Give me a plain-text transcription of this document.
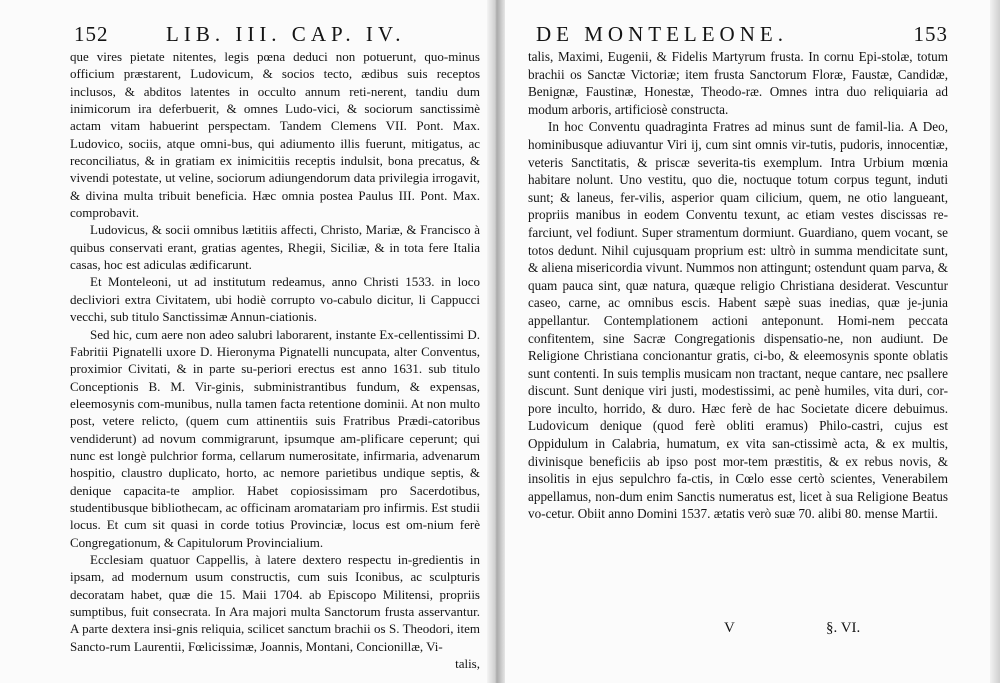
152	LIB. III. CAP. IV.

que vires pietate nitentes, legis pœna deduci non potuerunt, quo-minus officium præstarent, Ludovicum, & socios tecto, ædibus suis receptos inclusos, & abditos latentes in occulto annum reti-nerent, tandiu dum inimicorum ira deferbuerit, & omnes Ludo-vici, & sociorum sanctissimè actam vitam habuerint perspectam. Tandem Clemens VII. Pont. Max. Ludovico, sociis, atque omni-bus, qui adiumento illis fuerunt, mitigatus, ac reconciliatus, & in gratiam ex inimicitiis receptis indulsit, bona precatus, & vivendi potestate, ut veline, sociorum adiungendorum data privilegia irrogavit, & divina multa tribuit beneficia. Hæc omnia postea Paulus III. Pont. Max. comprobavit.

Ludovicus, & socii omnibus lætitiis affecti, Christo, Mariæ, & Francisco à quibus conservati erant, gratias agentes, Rhegii, Siciliæ, & in tota fere Italia casas, hoc est adiculas ædificarunt.

Et Monteleoni, ut ad institutum redeamus, anno Christi 1533. in loco decliviori extra Civitatem, ubi hodiè corrupto vo-cabulo dicitur, li Cappucci vecchi, sub titulo Sanctissimæ Annun-ciationis.

Sed hic, cum aere non adeo salubri laborarent, instante Ex-cellentissimi D. Fabritii Pignatelli uxore D. Hieronyma Pignatelli nuncupata, alter Conventus, proximior Civitati, & in parte su-periori erectus est anno 1631. sub titulo Conceptionis B. M. Vir-ginis, subministrantibus fundum, & expensas, eleemosynis com-munibus, nulla tamen facta retentione dominii. At non multo post, vetere relicto, (quem cum attinentiis suis Fratribus Prædi-catoribus vendiderunt) ad novum commigrarunt, ipsumque am-plificare ceperunt; qui nunc est longè pulchrior forma, cellarum numerositate, infirmaria, advenarum hospitio, claustro duplicato, horto, ac nemore parietibus undique septis, & denique capacita-te amplior. Habet copiosissimam pro Sacerdotibus, studentibusque bibliothecam, ac officinam aromatariam pro infirmis. Est studii locus. Et cum sit quasi in corde totius Provinciæ, locus est om-nium ferè Congregationum, & Capitulorum Provincialium.

Ecclesiam quatuor Cappellis, à latere dextero respectu in-gredientis in ipsam, ad modernum usum constructis, cum suis Iconibus, ac sculpturis decoratam habet, quæ die 15. Maii 1704. ab Episcopo Militensi, propriis sumptibus, fuit consecrata. In Ara majori multa Sanctorum frusta asservantur. A parte dextera insi-gnis reliquia, scilicet sanctum brachii os S. Theodori, item Sancto-rum Laurentii, Fœlicissimæ, Joannis, Montani, Concionillæ, Vi-

talis,

DE MONTELEONE.	153

talis, Maximi, Eugenii, & Fidelis Martyrum frusta. In cornu Epi-stolæ, totum brachii os Sanctæ Victoriæ; item frusta Sanctorum Floræ, Faustæ, Candidæ, Benignæ, Faustinæ, Honestæ, Theodo-ræ. Omnes intra duo reliquiaria ad modum arboris, artificiosè constructa.

In hoc Conventu quadraginta Fratres ad minus sunt de famil-lia. A Deo, hominibusque adiuvantur Viri ij, cum sint omnis vir-tutis, pudoris, innocentiæ, veteris Sanctitatis, & priscæ severita-tis exemplum. Intra Urbium mœnia habitare nolunt. Uno vestitu, quo die, noctuque totum corpus tegunt, induti sunt; & laneus, fer-vilis, asperior quam cilicium, quem, ne otio langueant, propriis manibus in eodem Conventu texunt, ac etiam vestes discissas re-farciunt, vel fodiunt. Super stramentum dormiunt. Guardiano, quem vocant, se totos dedunt. Nihil cujusquam proprium est: ultrò in summa mendicitate sunt, & aliena misericordia vivunt. Nummos non attingunt; ostendunt quam parva, & quam pauca sint, quæ natura, quæque religio Christiana desiderat. Vescuntur caseo, carne, ac omnibus escis. Habent sæpè suas inedias, quæ je-junia appellantur. Contemplationem actioni anteponunt. Homi-nem peccata confitentem, sine Sacræ Congregationis dispensatio-ne, non audiunt. De Religione Christiana concionantur gratis, ci-bo, & eleemosynis sponte oblatis sunt contenti. In suis templis musicam non tractant, neque cantare, nec psallere discunt. Sunt denique viri justi, modestissimi, ac penè humiles, vita duri, cor-pore inculto, horrido, & duro. Hæc ferè de hac Societate dicere debuimus. Ludovicum denique (quod ferè obliti eramus) Philo-castri, cujus est Oppidulum in Calabria, humatum, ex vita san-ctissimè acta, & ex multis, divinisque beneficiis ab ipso post mor-tem præstitis, & ex rebus novis, & insolitis in ejus sepulchro fa-ctis, in Cœlo esse certò scientes, Venerabilem appellamus, non-dum enim Sanctis numeratus est, licet à sua Religione Beatus vo-cetur. Obiit anno Domini 1537. ætatis verò suæ 70. alibi 80. mense Martii.

V	§. VI.
